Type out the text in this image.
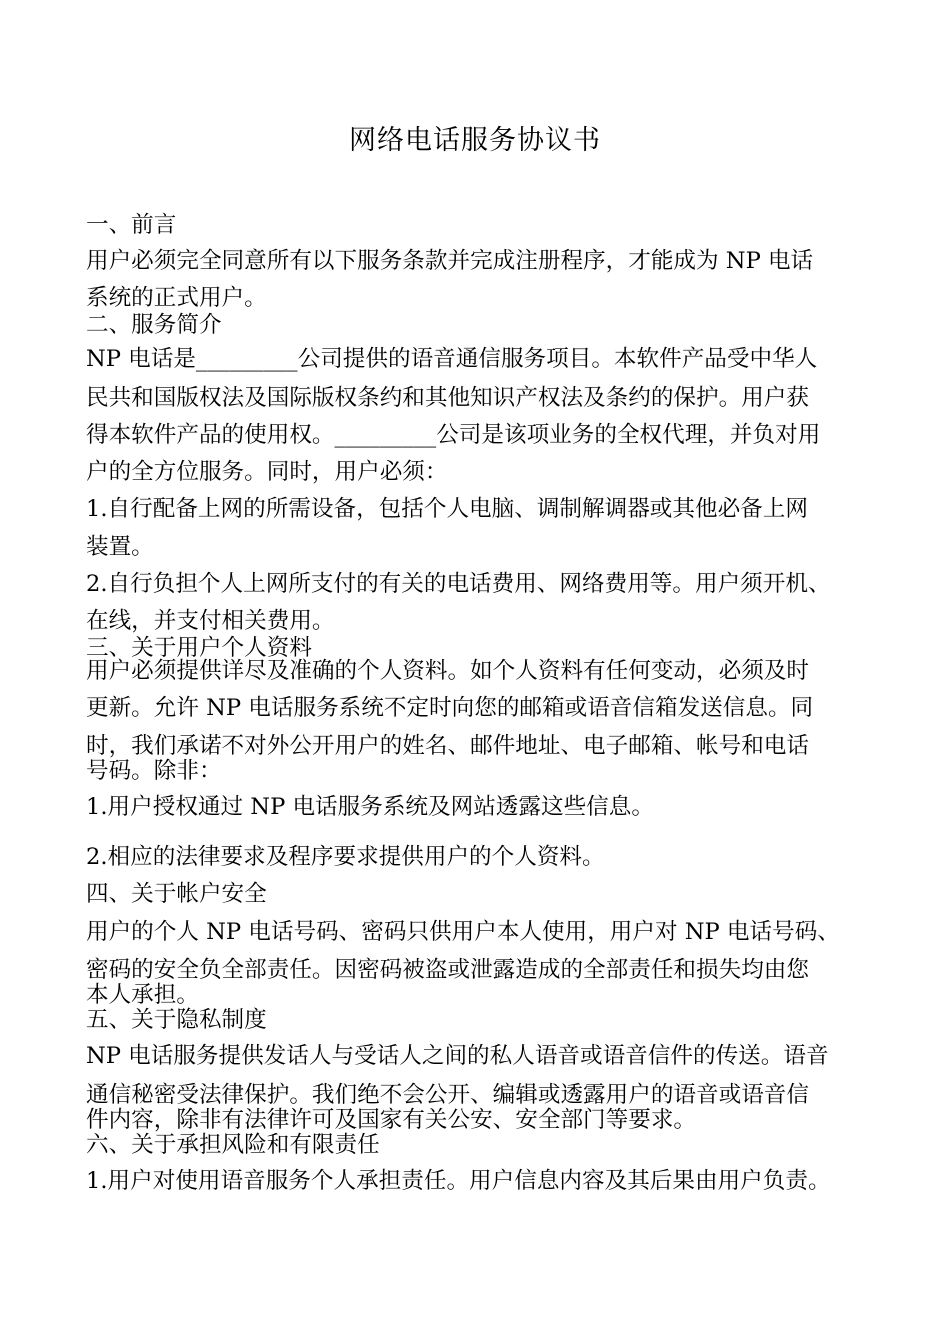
网络电话服务协议书
一、前言
用户必须完全同意所有以下服务条款并完成注册程序，才能成为 NP 电话
系统的正式用户。
二、服务简介
NP 电话是_________公司提供的语音通信服务项目。本软件产品受中华人
民共和国版权法及国际版权条约和其他知识产权法及条约的保护。用户获
得本软件产品的使用权。_________公司是该项业务的全权代理，并负对用
户的全方位服务。同时，用户必须：
1.自行配备上网的所需设备，包括个人电脑、调制解调器或其他必备上网
装置。
2.自行负担个人上网所支付的有关的电话费用、网络费用等。用户须开机、
在线，并支付相关费用。
三、关于用户个人资料
用户必须提供详尽及准确的个人资料。如个人资料有任何变动，必须及时
更新。允许 NP 电话服务系统不定时向您的邮箱或语音信箱发送信息。同
时，我们承诺不对外公开用户的姓名、邮件地址、电子邮箱、帐号和电话
号码。除非：
1.用户授权通过 NP 电话服务系统及网站透露这些信息。
2.相应的法律要求及程序要求提供用户的个人资料。
四、关于帐户安全
用户的个人 NP 电话号码、密码只供用户本人使用，用户对 NP 电话号码、
密码的安全负全部责任。因密码被盗或泄露造成的全部责任和损失均由您
本人承担。
五、关于隐私制度
NP 电话服务提供发话人与受话人之间的私人语音或语音信件的传送。语音
通信秘密受法律保护。我们绝不会公开、编辑或透露用户的语音或语音信
件内容，除非有法律许可及国家有关公安、安全部门等要求。
六、关于承担风险和有限责任
1.用户对使用语音服务个人承担责任。用户信息内容及其后果由用户负责。
